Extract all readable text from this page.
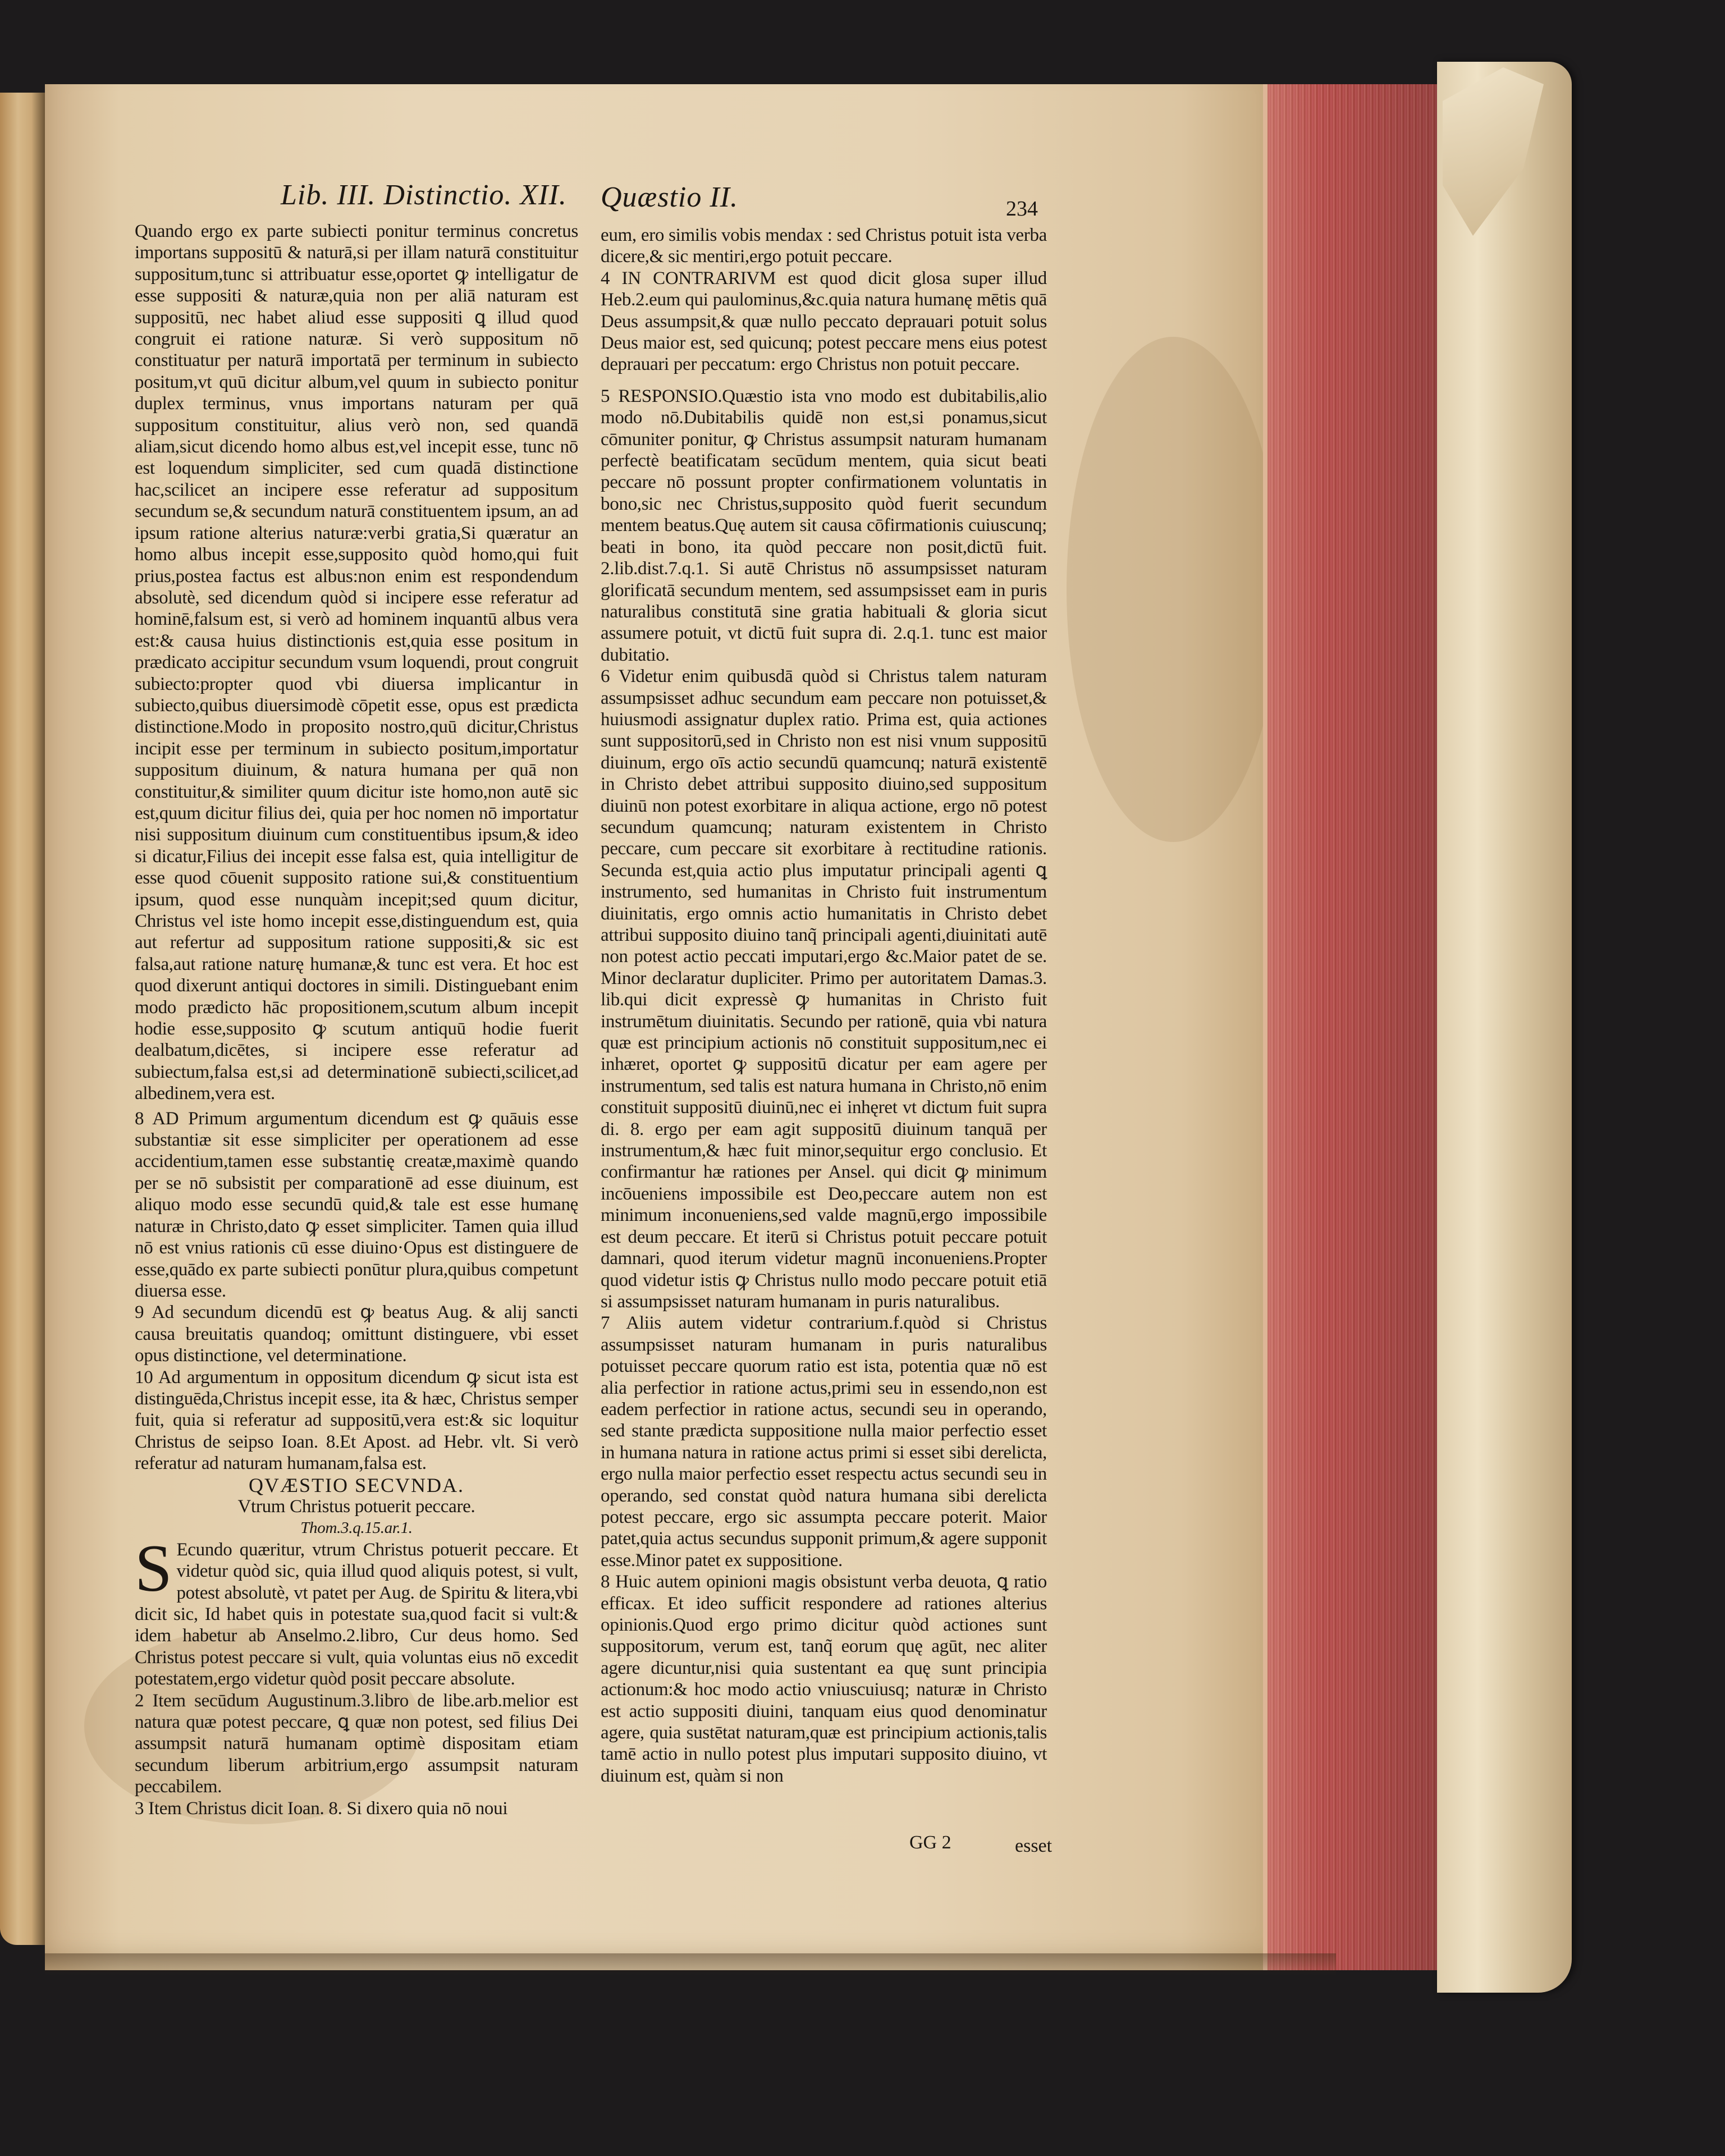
Lib. III. Distinctio. XII. Quæstio II.	234

Quando ergo ex parte subiecti ponitur terminus concretus importans suppositū & naturā,si per illam naturā constituitur suppositum,tunc si attribuatur esse,oportet ꝙ intelligatur de esse suppositi & naturæ,quia non per aliā naturam est suppositū, nec habet aliud esse suppositi ꝗ illud quod congruit ei ratione naturæ. Si verò suppositum nō constituatur per naturā importatā per terminum in subiecto positum,vt quū dicitur album,vel quum in subiecto ponitur duplex terminus, vnus importans naturam per quā suppositum constituitur, alius verò non, sed quandā aliam,sicut dicendo homo albus est,vel incepit esse, tunc nō est loquendum simpliciter, sed cum quadā distinctione hac,scilicet an incipere esse referatur ad suppositum secundum se,& secundum naturā constituentem ipsum, an ad ipsum ratione alterius naturæ:verbi gratia,Si quæratur an homo albus incepit esse,supposito quòd homo,qui fuit prius,postea factus est albus:non enim est respondendum absolutè, sed dicendum quòd si incipere esse referatur ad hominē,falsum est, si verò ad hominem inquantū albus vera est:& causa huius distinctionis est,quia esse positum in prædicato accipitur secundum vsum loquendi, prout congruit subiecto:propter quod vbi diuersa implicantur in subiecto,quibus diuersimodè cōpetit esse, opus est prædicta distinctione.Modo in proposito nostro,quū dicitur,Christus incipit esse per terminum in subiecto positum,importatur suppositum diuinum, & natura humana per quā non constituitur,& similiter quum dicitur iste homo,non autē sic est,quum dicitur filius dei, quia per hoc nomen nō importatur nisi suppositum diuinum cum constituentibus ipsum,& ideo si dicatur,Filius dei incepit esse falsa est, quia intelligitur de esse quod cōuenit supposito ratione sui,& constituentium ipsum, quod esse nunquàm incepit;sed quum dicitur, Christus vel iste homo incepit esse,distinguendum est, quia aut refertur ad suppositum ratione suppositi,& sic est falsa,aut ratione naturę humanæ,& tunc est vera. Et hoc est quod dixerunt antiqui doctores in simili. Distinguebant enim modo prædicto hāc propositionem,scutum album incepit hodie esse,supposito ꝙ scutum antiquū hodie fuerit dealbatum,dicētes, si incipere esse referatur ad subiectum,falsa est,si ad determinationē subiecti,scilicet,ad albedinem,vera est.

8 AD Primum argumentum dicendum est ꝙ quāuis esse substantiæ sit esse simpliciter per operationem ad esse accidentium,tamen esse substantię creatæ,maximè quando per se nō subsistit per comparationē ad esse diuinum, est aliquo modo esse secundū quid,& tale est esse humanę naturæ in Christo,dato ꝙ esset simpliciter. Tamen quia illud nō est vnius rationis cū esse diuino·Opus est distinguere de esse,quādo ex parte subiecti ponūtur plura,quibus competunt diuersa esse.

9 Ad secundum dicendū est ꝙ beatus Aug. & alij sancti causa breuitatis quandoq; omittunt distinguere, vbi esset opus distinctione, vel determinatione.

10 Ad argumentum in oppositum dicendum ꝙ sicut ista est distinguēda,Christus incepit esse, ita & hæc, Christus semper fuit, quia si referatur ad suppositū,vera est:& sic loquitur Christus de seipso Ioan. 8.Et Apost. ad Hebr. vlt. Si verò referatur ad naturam humanam,falsa est.

QVÆSTIO SECVNDA.

Vtrum Christus potuerit peccare.

Thom.3.q.15.ar.1.

S Ecundo quæritur, vtrum Christus potuerit peccare. Et videtur quòd sic, quia illud quod aliquis potest, si vult, potest absolutè, vt patet per Aug. de Spiritu & litera,vbi dicit sic, Id habet quis in potestate sua,quod facit si vult:& idem habetur ab Anselmo.2.libro, Cur deus homo. Sed Christus potest peccare si vult, quia voluntas eius nō excedit potestatem,ergo videtur quòd posit peccare absolute.

2 Item secūdum Augustinum.3.libro de libe.arb.melior est natura quæ potest peccare, ꝗ quæ non potest, sed filius Dei assumpsit naturā humanam optimè dispositam etiam secundum liberum arbitrium,ergo assumpsit naturam peccabilem.

3 Item Christus dicit Ioan. 8. Si dixero quia nō noui

eum, ero similis vobis mendax : sed Christus potuit ista verba dicere,& sic mentiri,ergo potuit peccare.

4 IN CONTRARIVM est quod dicit glosa super illud Heb.2.eum qui paulominus,&c.quia natura humanę mētis quā Deus assumpsit,& quæ nullo peccato deprauari potuit solus Deus maior est, sed quicunq; potest peccare mens eius potest deprauari per peccatum: ergo Christus non potuit peccare.

5 RESPONSIO.Quæstio ista vno modo est dubitabilis,alio modo nō.Dubitabilis quidē non est,si ponamus,sicut cōmuniter ponitur, ꝙ Christus assumpsit naturam humanam perfectè beatificatam secūdum mentem, quia sicut beati peccare nō possunt propter confirmationem voluntatis in bono,sic nec Christus,supposito quòd fuerit secundum mentem beatus.Quę autem sit causa cōfirmationis cuiuscunq; beati in bono, ita quòd peccare non posit,dictū fuit. 2.lib.dist.7.q.1. Si autē Christus nō assumpsisset naturam glorificatā secundum mentem, sed assumpsisset eam in puris naturalibus constitutā sine gratia habituali & gloria sicut assumere potuit, vt dictū fuit supra di. 2.q.1. tunc est maior dubitatio.

6 Videtur enim quibusdā quòd si Christus talem naturam assumpsisset adhuc secundum eam peccare non potuisset,& huiusmodi assignatur duplex ratio. Prima est, quia actiones sunt suppositorū,sed in Christo non est nisi vnum suppositū diuinum, ergo oīs actio secundū quamcunq; naturā existentē in Christo debet attribui supposito diuino,sed suppositum diuinū non potest exorbitare in aliqua actione, ergo nō potest secundum quamcunq; naturam existentem in Christo peccare, cum peccare sit exorbitare à rectitudine rationis. Secunda est,quia actio plus imputatur principali agenti ꝗ instrumento, sed humanitas in Christo fuit instrumentum diuinitatis, ergo omnis actio humanitatis in Christo debet attribui supposito diuino tanq̃ principali agenti,diuinitati autē non potest actio peccati imputari,ergo &c.Maior patet de se. Minor declaratur dupliciter. Primo per autoritatem Damas.3. lib.qui dicit expressè ꝙ humanitas in Christo fuit instrumētum diuinitatis. Secundo per rationē, quia vbi natura quæ est principium actionis nō constituit suppositum,nec ei inhæret, oportet ꝙ suppositū dicatur per eam agere per instrumentum, sed talis est natura humana in Christo,nō enim constituit suppositū diuinū,nec ei inhęret vt dictum fuit supra di. 8. ergo per eam agit suppositū diuinum tanquā per instrumentum,& hæc fuit minor,sequitur ergo conclusio. Et confirmantur hæ rationes per Ansel. qui dicit ꝙ minimum incōueniens impossibile est Deo,peccare autem non est minimum inconueniens,sed valde magnū,ergo impossibile est deum peccare. Et iterū si Christus potuit peccare potuit damnari, quod iterum videtur magnū inconueniens.Propter quod videtur istis ꝙ Christus nullo modo peccare potuit etiā si assumpsisset naturam humanam in puris naturalibus.

7 Aliis autem videtur contrarium.f.quòd si Christus assumpsisset naturam humanam in puris naturalibus potuisset peccare quorum ratio est ista, potentia quæ nō est alia perfectior in ratione actus,primi seu in essendo,non est eadem perfectior in ratione actus, secundi seu in operando, sed stante prædicta suppositione nulla maior perfectio esset in humana natura in ratione actus primi si esset sibi derelicta, ergo nulla maior perfectio esset respectu actus secundi seu in operando, sed constat quòd natura humana sibi derelicta potest peccare, ergo sic assumpta peccare poterit. Maior patet,quia actus secundus supponit primum,& agere supponit esse.Minor patet ex suppositione.

8 Huic autem opinioni magis obsistunt verba deuota, ꝗ ratio efficax. Et ideo sufficit respondere ad rationes alterius opinionis.Quod ergo primo dicitur quòd actiones sunt suppositorum, verum est, tanq̃ eorum quę agūt, nec aliter agere dicuntur,nisi quia sustentant ea quę sunt principia actionum:& hoc modo actio vniuscuiusq; naturæ in Christo est actio suppositi diuini, tanquam eius quod denominatur agere, quia sustētat naturam,quæ est principium actionis,talis tamē actio in nullo potest plus imputari supposito diuino, vt diuinum est, quàm si non

GG 2	esset
